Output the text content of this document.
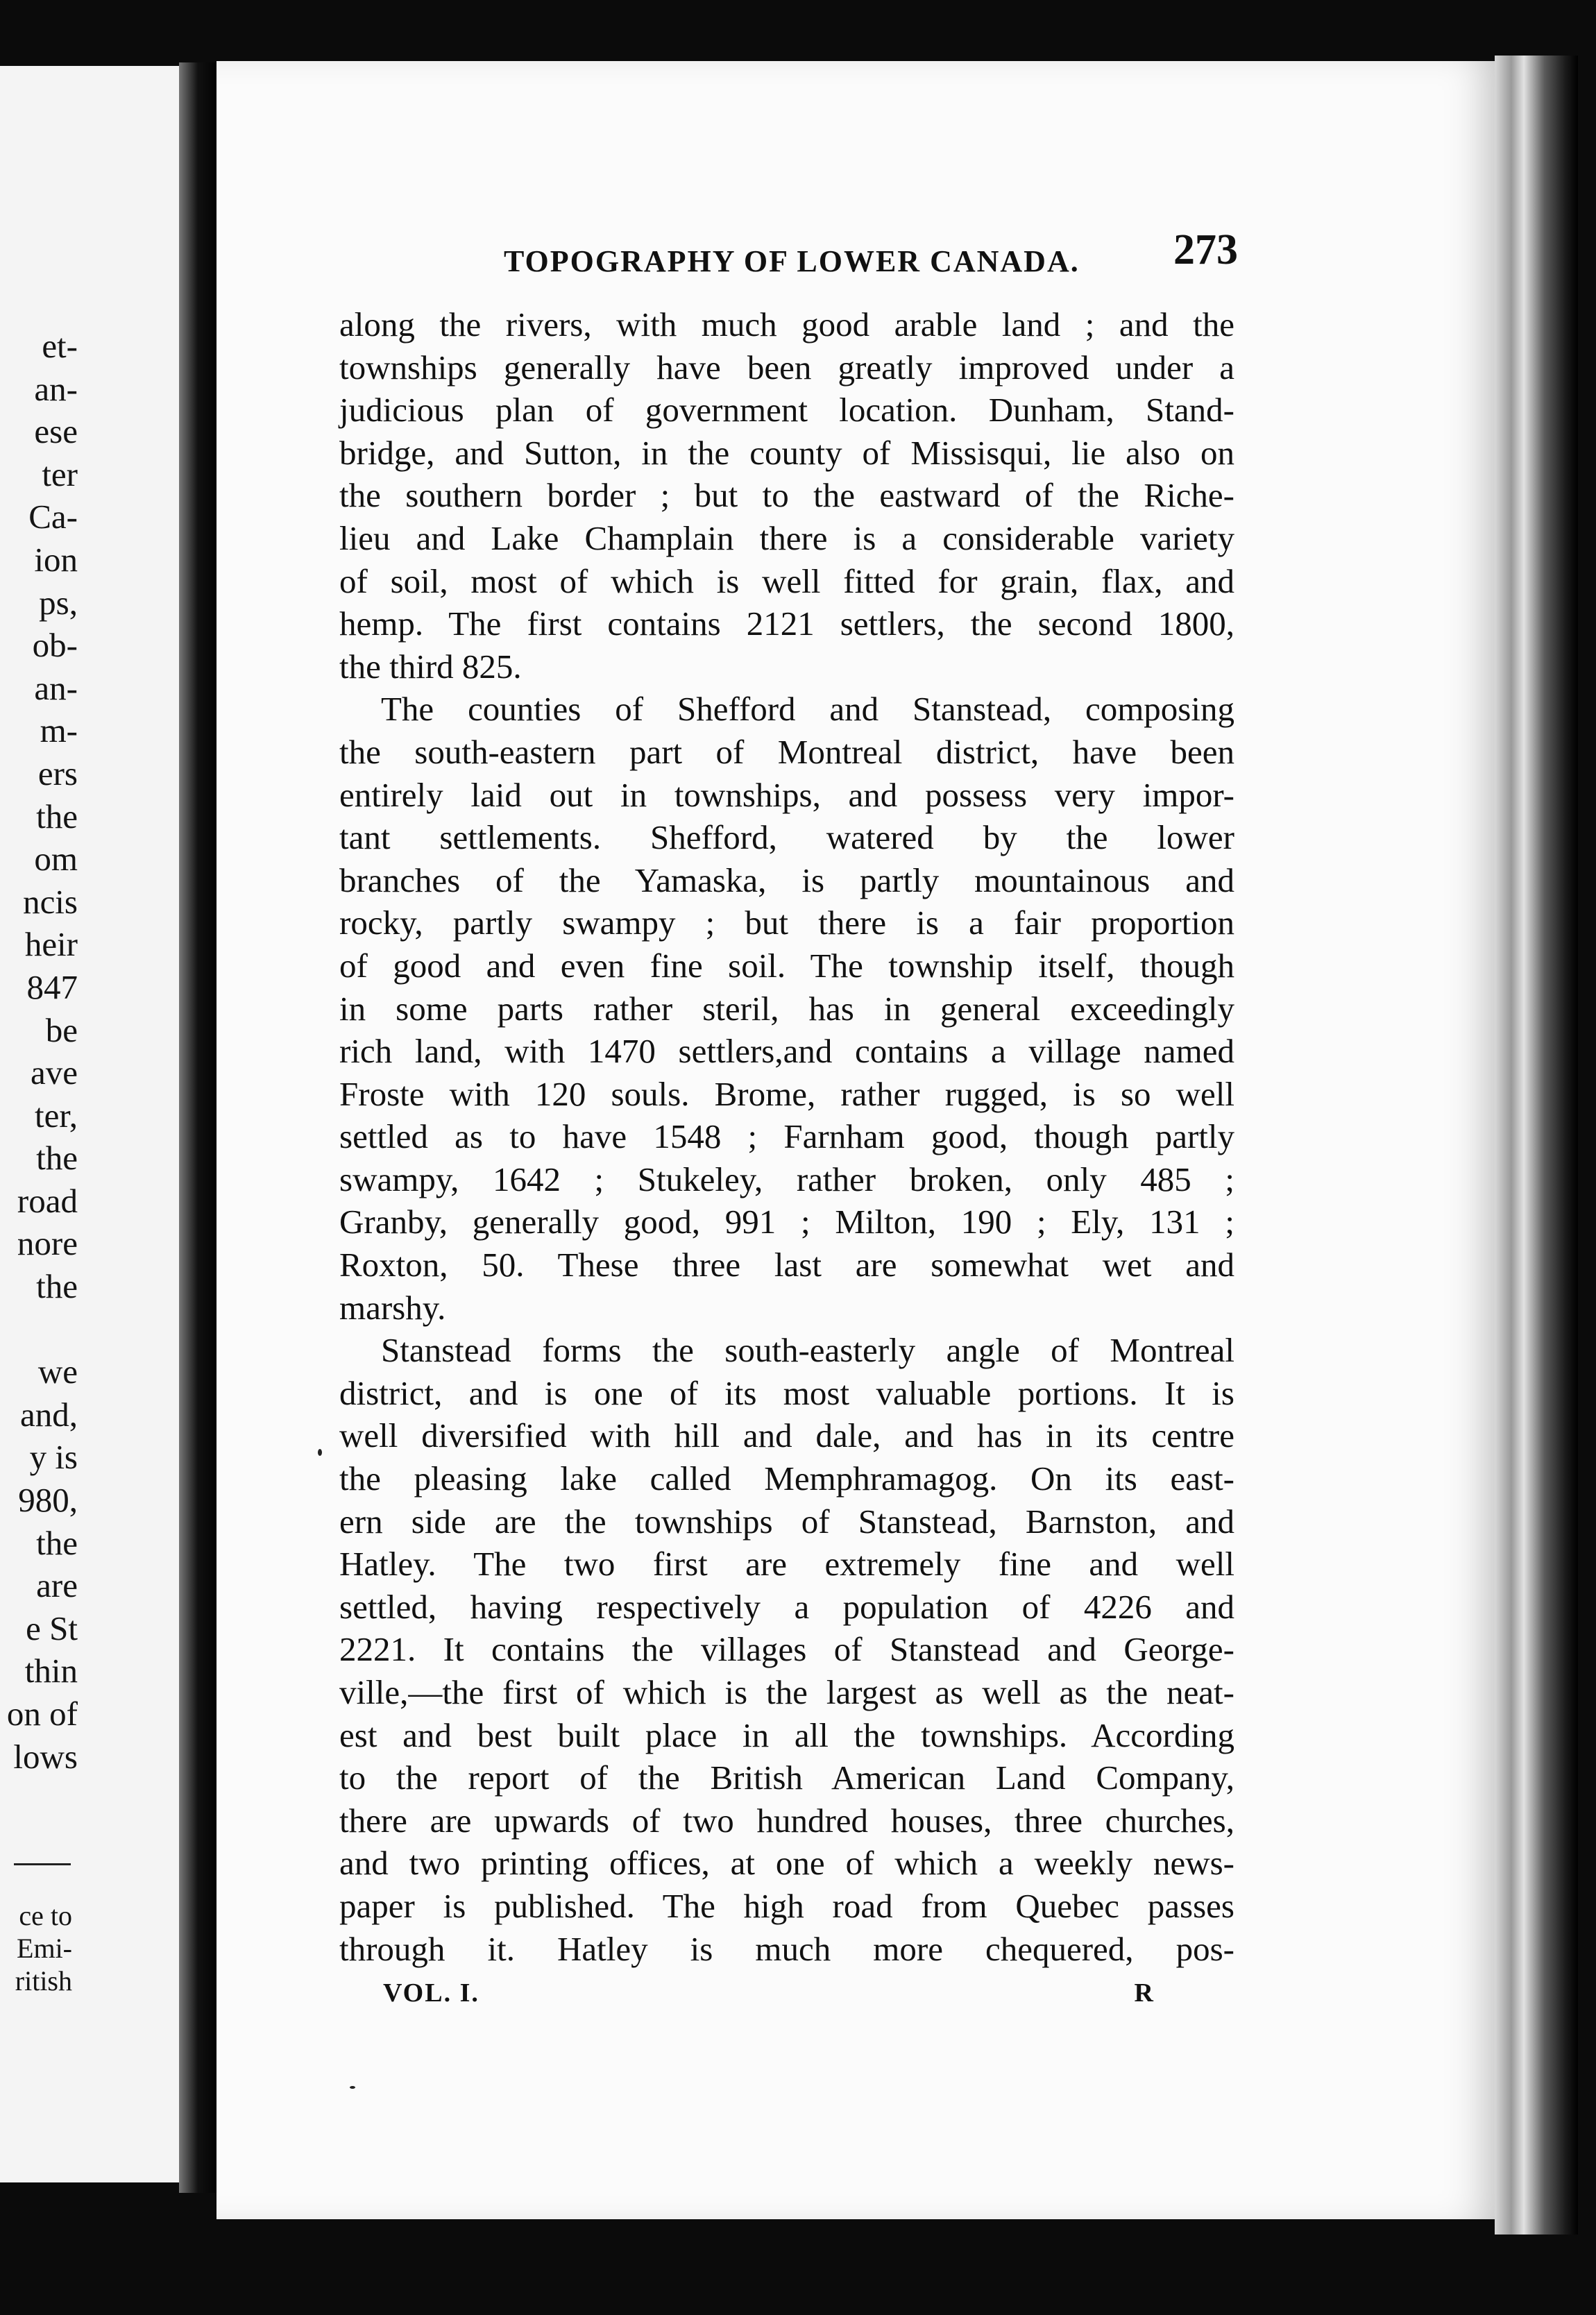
et-

an-

ese

ter

Ca-

ion

ps,

ob-

an-

m-

ers

the

om

ncis

heir

847

be

ave

ter,

the

road

nore

the

we

and,

y is

980,

the

are

e St

thin

on of

lows

ce to

Emi-

ritish

TOPOGRAPHY OF LOWER CANADA. 273
along the rivers, with much good arable land ; and the
townships generally have been greatly improved under a
judicious plan of government location. Dunham, Stand-
bridge, and Sutton, in the county of Missisqui, lie also on
the southern border ; but to the eastward of the Riche-
lieu and Lake Champlain there is a considerable variety
of soil, most of which is well fitted for grain, flax, and
hemp. The first contains 2121 settlers, the second 1800,
the third 825.
The counties of Shefford and Stanstead, composing
the south-eastern part of Montreal district, have been
entirely laid out in townships, and possess very impor-
tant settlements. Shefford, watered by the lower
branches of the Yamaska, is partly mountainous and
rocky, partly swampy ; but there is a fair proportion
of good and even fine soil. The township itself, though
in some parts rather steril, has in general exceedingly
rich land, with 1470 settlers,and contains a village named
Froste with 120 souls. Brome, rather rugged, is so well
settled as to have 1548 ; Farnham good, though partly
swampy, 1642 ; Stukeley, rather broken, only 485 ;
Granby, generally good, 991 ; Milton, 190 ; Ely, 131 ;
Roxton, 50. These three last are somewhat wet and
marshy.
Stanstead forms the south-easterly angle of Montreal
district, and is one of its most valuable portions. It is
well diversified with hill and dale, and has in its centre
the pleasing lake called Memphramagog. On its east-
ern side are the townships of Stanstead, Barnston, and
Hatley. The two first are extremely fine and well
settled, having respectively a population of 4226 and
2221. It contains the villages of Stanstead and George-
ville,—the first of which is the largest as well as the neat-
est and best built place in all the townships. According
to the report of the British American Land Company,
there are upwards of two hundred houses, three churches,
and two printing offices, at one of which a weekly news-
paper is published. The high road from Quebec passes
through it. Hatley is much more chequered, pos-
VOL. I.	R
